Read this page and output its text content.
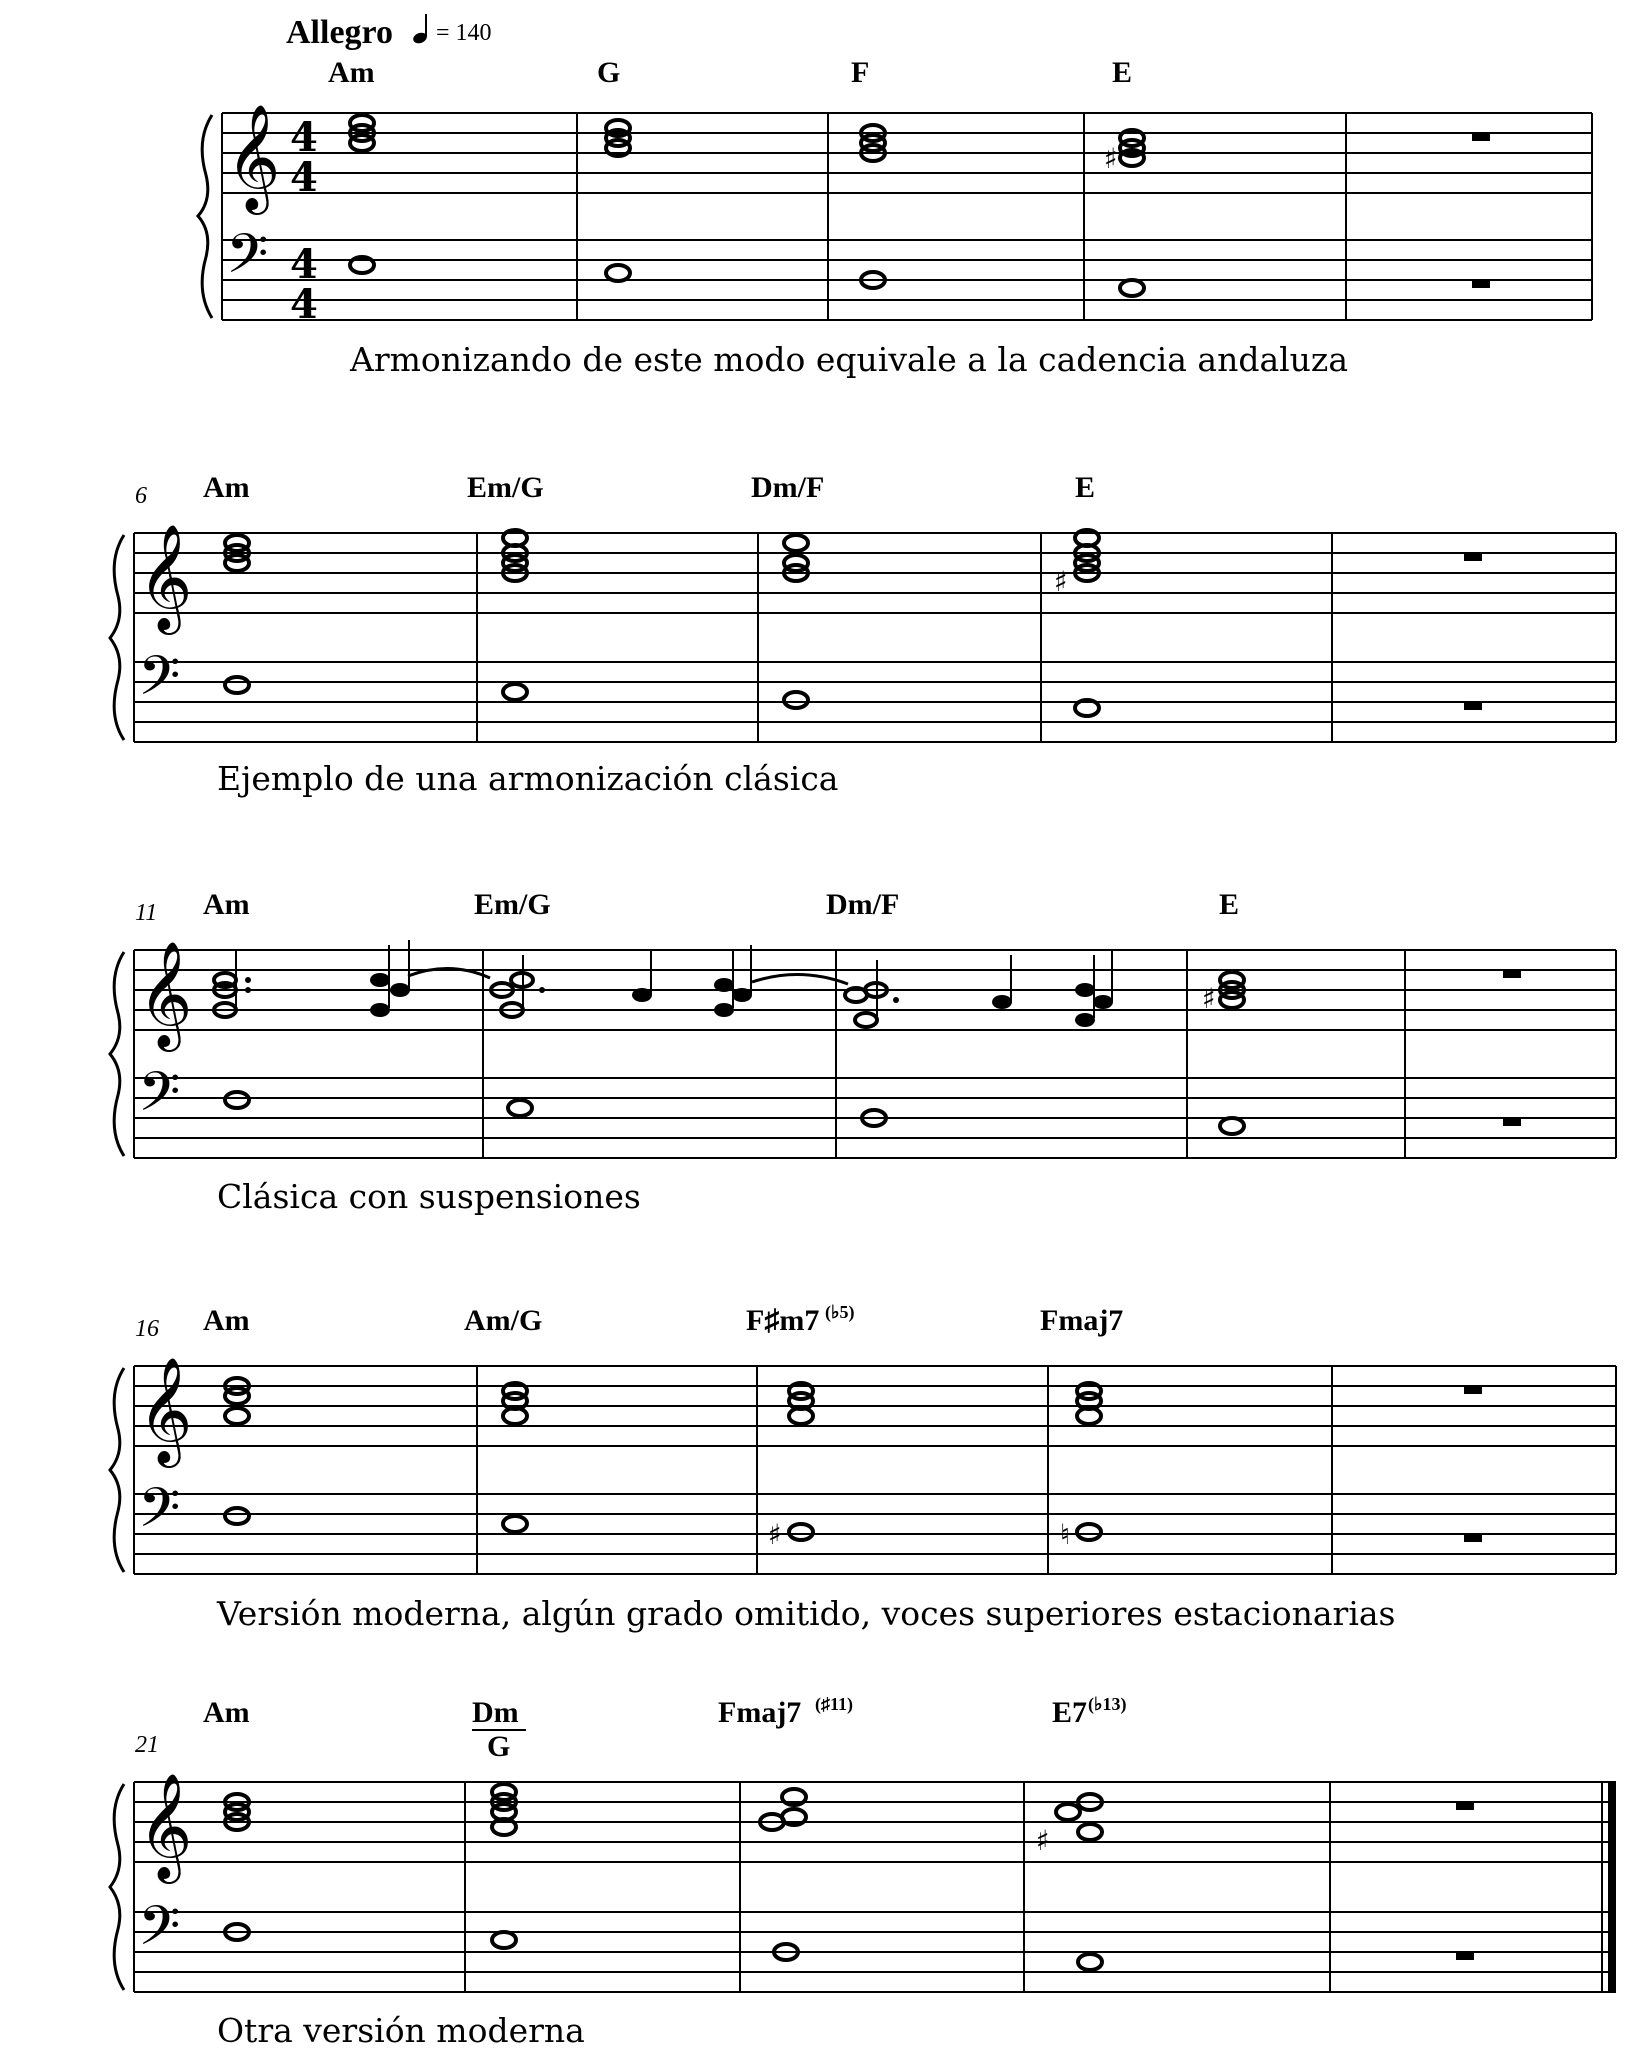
Allegro = 140
Am	G	F	E
𝄞
𝄢
4
4
4
4
♯
Armonizando de este modo equivale a la cadencia andaluza
6 Am	Em/G	Dm/F	E
𝄞
𝄢
♯
Ejemplo de una armonización clásica
11 Am	Em/G	Dm/F	E
𝄞
𝄢
♯
Clásica con suspensiones
16 Am	Am/G	F♯m7 (♭5)	Fmaj7
𝄞
𝄢	♯	♮
Versión moderna, algún grado omitido, voces superiores estacionarias
21
Am	Dm
G
Fmaj7 (♯11)	E7 (♭13)
𝄞
𝄢
♯
Otra versión moderna
